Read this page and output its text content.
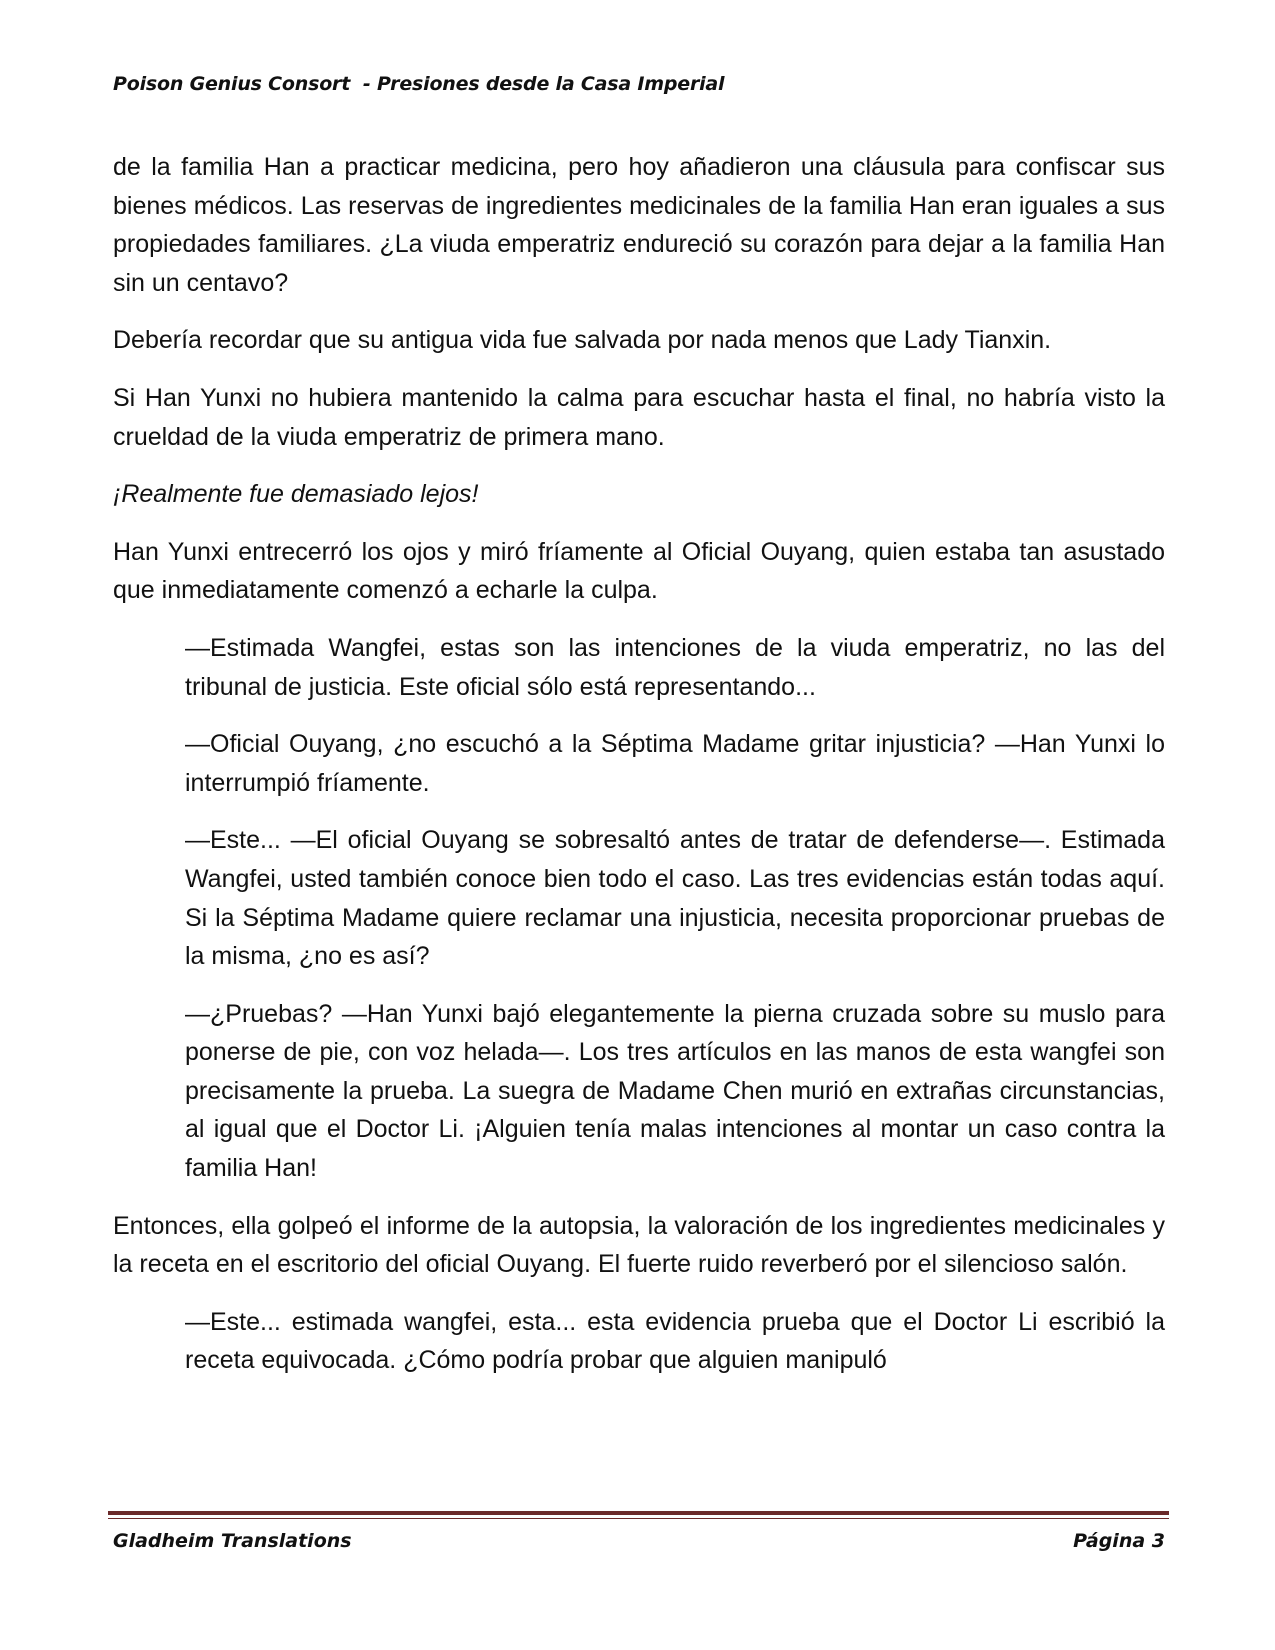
Poison Genius Consort  - Presiones desde la Casa Imperial

de la familia Han a practicar medicina, pero hoy añadieron una cláusula para confiscar sus bienes médicos. Las reservas de ingredientes medicinales de la familia Han eran iguales a sus propiedades familiares. ¿La viuda emperatriz endureció su corazón para dejar a la familia Han sin un centavo?

Debería recordar que su antigua vida fue salvada por nada menos que Lady Tianxin.

Si Han Yunxi no hubiera mantenido la calma para escuchar hasta el final, no habría visto la crueldad de la viuda emperatriz de primera mano.

¡Realmente fue demasiado lejos!

Han Yunxi entrecerró los ojos y miró fríamente al Oficial Ouyang, quien estaba tan asustado que inmediatamente comenzó a echarle la culpa.

—Estimada Wangfei, estas son las intenciones de la viuda emperatriz, no las del tribunal de justicia. Este oficial sólo está representando...

—Oficial Ouyang, ¿no escuchó a la Séptima Madame gritar injusticia? —Han Yunxi lo interrumpió fríamente.

—Este... —El oficial Ouyang se sobresaltó antes de tratar de defenderse—. Estimada Wangfei, usted también conoce bien todo el caso. Las tres evidencias están todas aquí. Si la Séptima Madame quiere reclamar una injusticia, necesita proporcionar pruebas de la misma, ¿no es así?

—¿Pruebas? —Han Yunxi bajó elegantemente la pierna cruzada sobre su muslo para ponerse de pie, con voz helada—. Los tres artículos en las manos de esta wangfei son precisamente la prueba. La suegra de Madame Chen murió en extrañas circunstancias, al igual que el Doctor Li. ¡Alguien tenía malas intenciones al montar un caso contra la familia Han!

Entonces, ella golpeó el informe de la autopsia, la valoración de los ingredientes medicinales y la receta en el escritorio del oficial Ouyang. El fuerte ruido reverberó por el silencioso salón.

—Este... estimada wangfei, esta... esta evidencia prueba que el Doctor Li escribió la receta equivocada. ¿Cómo podría probar que alguien manipuló

Gladheim Translations	Página 3
